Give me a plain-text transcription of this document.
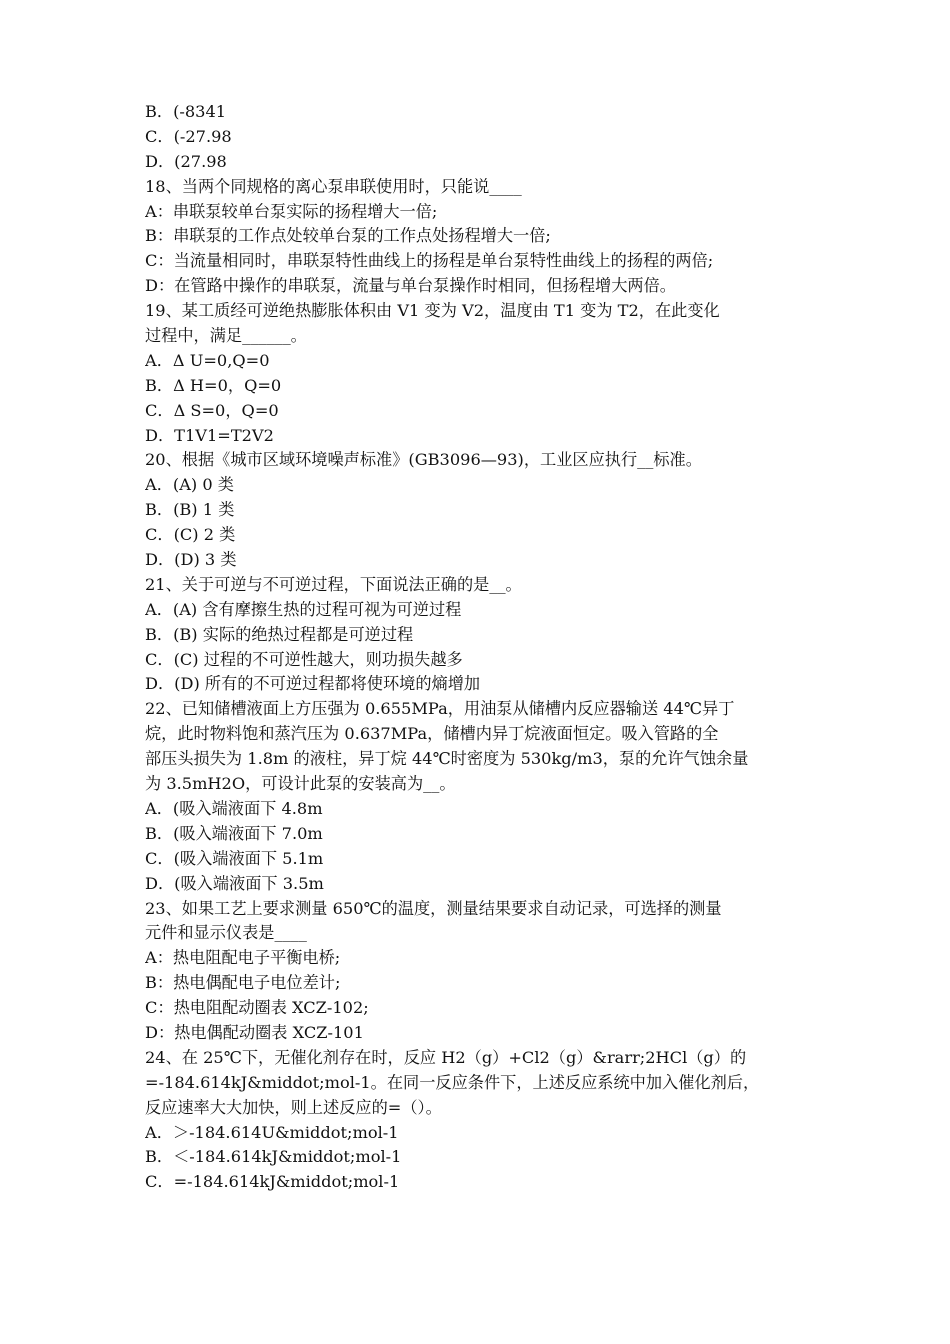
B．(-8341
C．(-27.98
D．(27.98
18、当两个同规格的离心泵串联使用时，只能说____
A：串联泵较单台泵实际的扬程增大一倍;
B：串联泵的工作点处较单台泵的工作点处扬程增大一倍;
C：当流量相同时，串联泵特性曲线上的扬程是单台泵特性曲线上的扬程的两倍;
D：在管路中操作的串联泵，流量与单台泵操作时相同，但扬程增大两倍。
19、某工质经可逆绝热膨胀体积由 V1 变为 V2，温度由 T1 变为 T2，在此变化
过程中，满足______。
A．Δ U=0,Q=0
B．Δ H=0，Q=0
C．Δ S=0，Q=0
D．T1V1=T2V2
20、根据《城市区域环境噪声标准》(GB3096—93)，工业区应执行__标准。
A．(A) 0 类
B．(B) 1 类
C．(C) 2 类
D．(D) 3 类
21、关于可逆与不可逆过程，下面说法正确的是__。
A．(A) 含有摩擦生热的过程可视为可逆过程
B．(B) 实际的绝热过程都是可逆过程
C．(C) 过程的不可逆性越大，则功损失越多
D．(D) 所有的不可逆过程都将使环境的熵增加
22、已知储槽液面上方压强为 0.655MPa，用油泵从储槽内反应器输送 44℃异丁
烷，此时物料饱和蒸汽压为 0.637MPa，储槽内异丁烷液面恒定。吸入管路的全
部压头损失为 1.8m 的液柱，异丁烷 44℃时密度为 530kg/m3，泵的允许气蚀余量
为 3.5mH2O，可设计此泵的安装高为__。
A．(吸入端液面下 4.8m
B．(吸入端液面下 7.0m
C．(吸入端液面下 5.1m
D．(吸入端液面下 3.5m
23、如果工艺上要求测量 650℃的温度，测量结果要求自动记录，可选择的测量
元件和显示仪表是____
A：热电阻配电子平衡电桥;
B：热电偶配电子电位差计;
C：热电阻配动圈表 XCZ-102;
D：热电偶配动圈表 XCZ-101
24、在 25℃下，无催化剂存在时，反应 H2（g）+Cl2（g）&rarr;2HCl（g）的
=-184.614kJ&middot;mol-1。在同一反应条件下，上述反应系统中加入催化剂后，
反应速率大大加快，则上述反应的=（）。
A．＞-184.614U&middot;mol-1
B．＜-184.614kJ&middot;mol-1
C．=-184.614kJ&middot;mol-1
